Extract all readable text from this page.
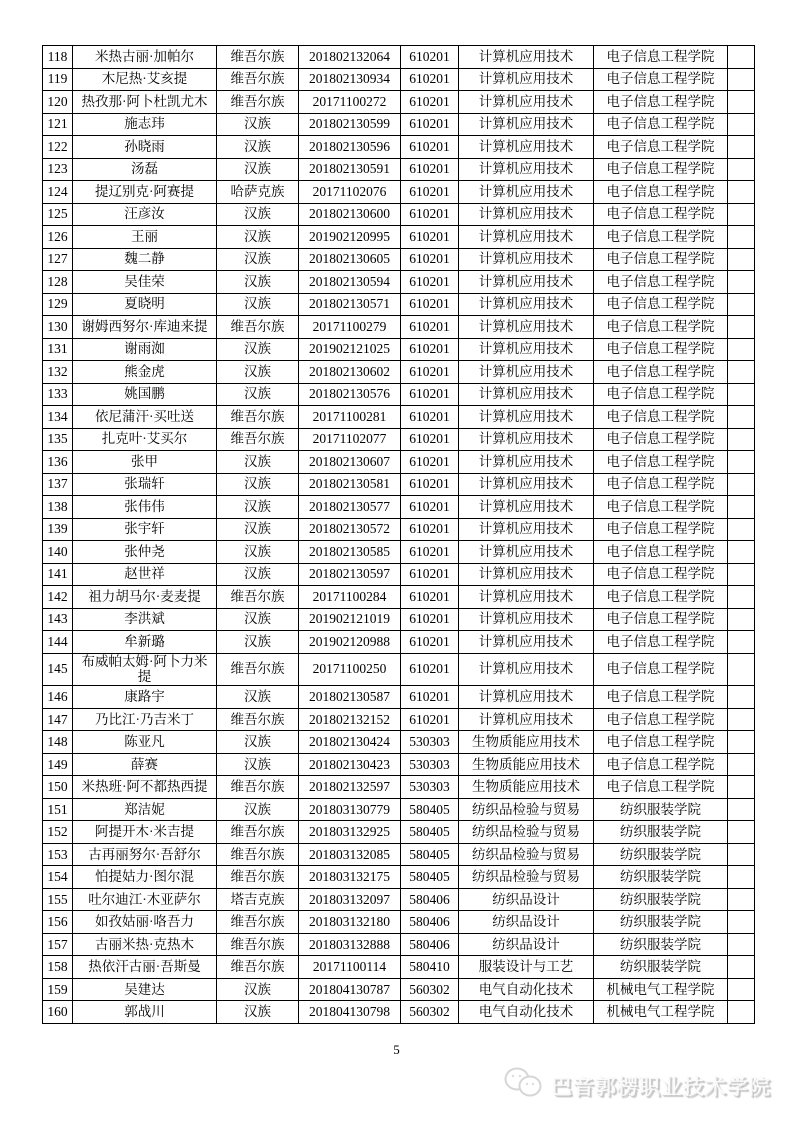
118	米热古丽·加帕尔	维吾尔族	201802132064	610201	计算机应用技术	电子信息工程学院	
119	木尼热·艾亥提	维吾尔族	201802130934	610201	计算机应用技术	电子信息工程学院	
120	热孜那·阿卜杜凯尤木	维吾尔族	20171100272	610201	计算机应用技术	电子信息工程学院	
121	施志玮	汉族	201802130599	610201	计算机应用技术	电子信息工程学院	
122	孙晓雨	汉族	201802130596	610201	计算机应用技术	电子信息工程学院	
123	汤磊	汉族	201802130591	610201	计算机应用技术	电子信息工程学院	
124	提辽别克·阿赛提	哈萨克族	20171102076	610201	计算机应用技术	电子信息工程学院	
125	汪彦汝	汉族	201802130600	610201	计算机应用技术	电子信息工程学院	
126	王丽	汉族	201902120995	610201	计算机应用技术	电子信息工程学院	
127	魏二静	汉族	201802130605	610201	计算机应用技术	电子信息工程学院	
128	吴佳荣	汉族	201802130594	610201	计算机应用技术	电子信息工程学院	
129	夏晓明	汉族	201802130571	610201	计算机应用技术	电子信息工程学院	
130	谢姆西努尔·库迪来提	维吾尔族	20171100279	610201	计算机应用技术	电子信息工程学院	
131	谢雨洳	汉族	201902121025	610201	计算机应用技术	电子信息工程学院	
132	熊金虎	汉族	201802130602	610201	计算机应用技术	电子信息工程学院	
133	姚国鹏	汉族	201802130576	610201	计算机应用技术	电子信息工程学院	
134	依尼蒲汗·买吐送	维吾尔族	20171100281	610201	计算机应用技术	电子信息工程学院	
135	扎克叶·艾买尔	维吾尔族	20171102077	610201	计算机应用技术	电子信息工程学院	
136	张甲	汉族	201802130607	610201	计算机应用技术	电子信息工程学院	
137	张瑞轩	汉族	201802130581	610201	计算机应用技术	电子信息工程学院	
138	张伟伟	汉族	201802130577	610201	计算机应用技术	电子信息工程学院	
139	张宇轩	汉族	201802130572	610201	计算机应用技术	电子信息工程学院	
140	张仲尧	汉族	201802130585	610201	计算机应用技术	电子信息工程学院	
141	赵世祥	汉族	201802130597	610201	计算机应用技术	电子信息工程学院	
142	祖力胡马尔·麦麦提	维吾尔族	20171100284	610201	计算机应用技术	电子信息工程学院	
143	李洪斌	汉族	201902121019	610201	计算机应用技术	电子信息工程学院	
144	牟新璐	汉族	201902120988	610201	计算机应用技术	电子信息工程学院	
145	布威帕太姆·阿卜力米提	维吾尔族	20171100250	610201	计算机应用技术	电子信息工程学院	
146	康路宇	汉族	201802130587	610201	计算机应用技术	电子信息工程学院	
147	乃比江·乃吉米丁	维吾尔族	201802132152	610201	计算机应用技术	电子信息工程学院	
148	陈亚凡	汉族	201802130424	530303	生物质能应用技术	电子信息工程学院	
149	薛赛	汉族	201802130423	530303	生物质能应用技术	电子信息工程学院	
150	米热班·阿不都热西提	维吾尔族	201802132597	530303	生物质能应用技术	电子信息工程学院	
151	郑洁妮	汉族	201803130779	580405	纺织品检验与贸易	纺织服装学院	
152	阿提开木·米吉提	维吾尔族	201803132925	580405	纺织品检验与贸易	纺织服装学院	
153	古再丽努尔·吾舒尔	维吾尔族	201803132085	580405	纺织品检验与贸易	纺织服装学院	
154	怕提姑力·图尔混	维吾尔族	201803132175	580405	纺织品检验与贸易	纺织服装学院	
155	吐尔迪江·木亚萨尔	塔吉克族	201803132097	580406	纺织品设计	纺织服装学院	
156	如孜姑丽·咯吾力	维吾尔族	201803132180	580406	纺织品设计	纺织服装学院	
157	古丽米热·克热木	维吾尔族	201803132888	580406	纺织品设计	纺织服装学院	
158	热依汗古丽·吾斯曼	维吾尔族	20171100114	580410	服装设计与工艺	纺织服装学院	
159	吴建达	汉族	201804130787	560302	电气自动化技术	机械电气工程学院	
160	郭战川	汉族	201804130798	560302	电气自动化技术	机械电气工程学院	
5
巴音郭楞职业技术学院
